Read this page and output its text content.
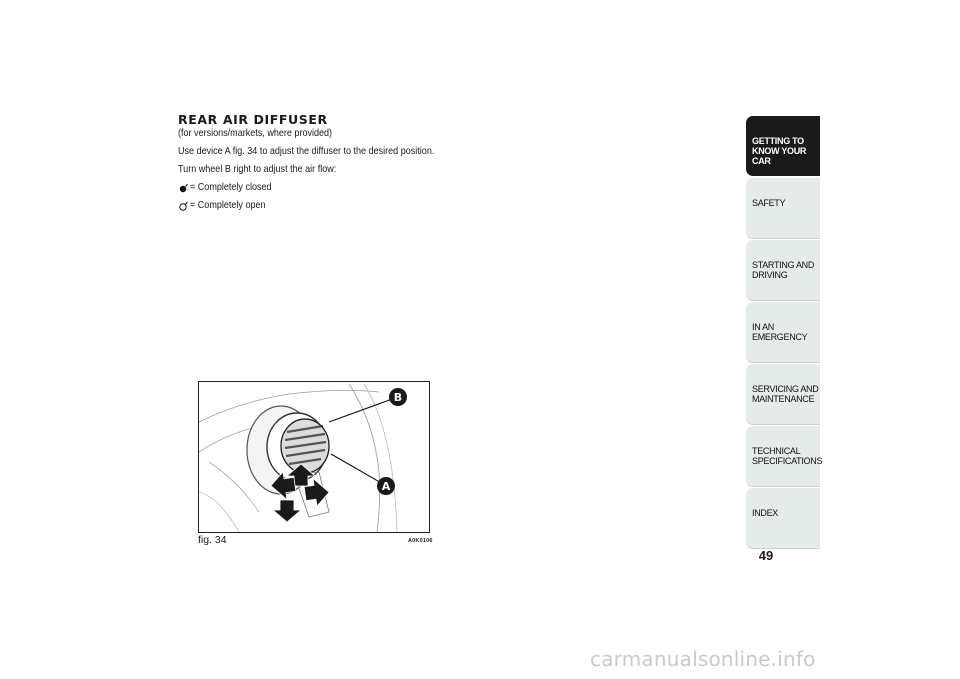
REAR AIR DIFFUSER
(for versions/markets, where provided)
Use device A fig. 34 to adjust the diffuser to the desired position.
Turn wheel B right to adjust the air flow:
= Completely closed
= Completely open
B
A
fig. 34	A0K0106
GETTING TO
KNOW YOUR CAR
SAFETY
STARTING AND
DRIVING
IN AN EMERGENCY
SERVICING AND
MAINTENANCE
TECHNICAL
SPECIFICATIONS
INDEX
49
carmanualsonline.info
